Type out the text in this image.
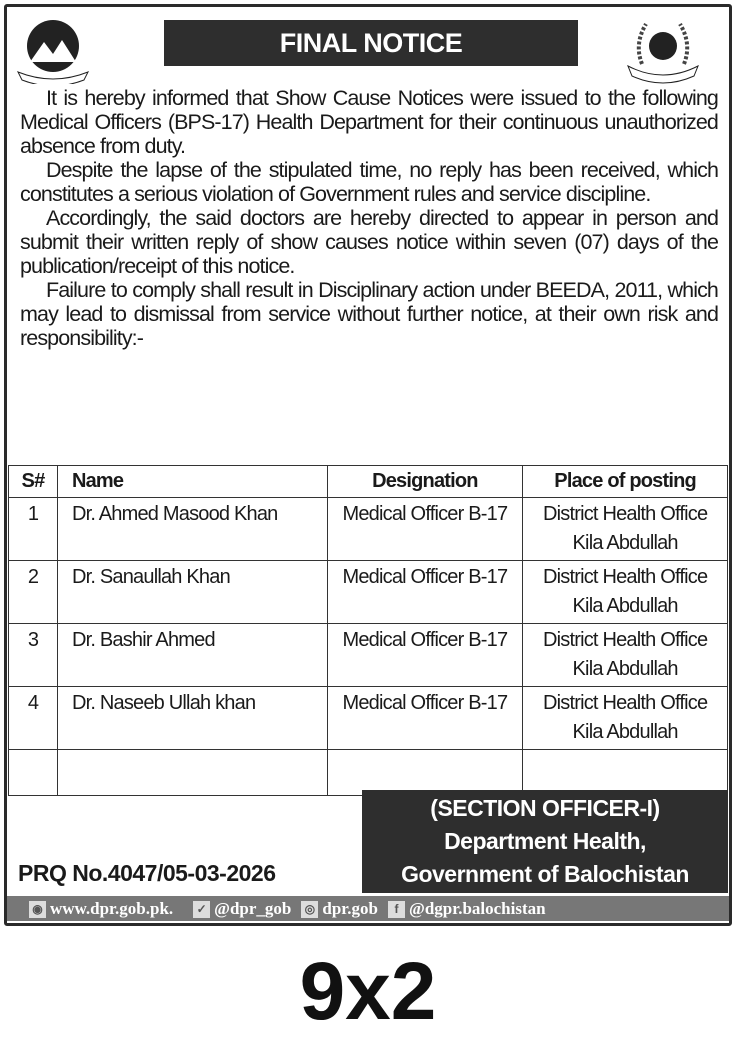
FINAL NOTICE

It is hereby informed that Show Cause Notices were issued to the following Medical Officers (BPS-17) Health Department for their continuous unauthorized absence from duty.

Despite the lapse of the stipulated time, no reply has been received, which constitutes a serious violation of Government rules and service discipline.

Accordingly, the said doctors are hereby directed to appear in person and submit their written reply of show causes notice within seven (07) days of the publication/receipt of this notice.

Failure to comply shall result in Disciplinary action under BEEDA, 2011, which may lead to dismissal from service without further notice, at their own risk and responsibility:-

S#	Name	Designation	Place of posting
1	Dr. Ahmed Masood Khan	Medical Officer B-17	District Health Office
Kila Abdullah

2	Dr. Sanaullah Khan	Medical Officer B-17	District Health Office
Kila Abdullah

3	Dr. Bashir Ahmed	Medical Officer B-17	District Health Office
Kila Abdullah

4	Dr. Naseeb Ullah khan	Medical Officer B-17	District Health Office
Kila Abdullah

(SECTION OFFICER-I)
Department Health,
Government of Balochistan
PRQ No.4047/05-03-2026
◉ www.dpr.gob.pk. ✓ @dpr_gob ◎ dpr.gob	f @dgpr.balochistan
9x2
